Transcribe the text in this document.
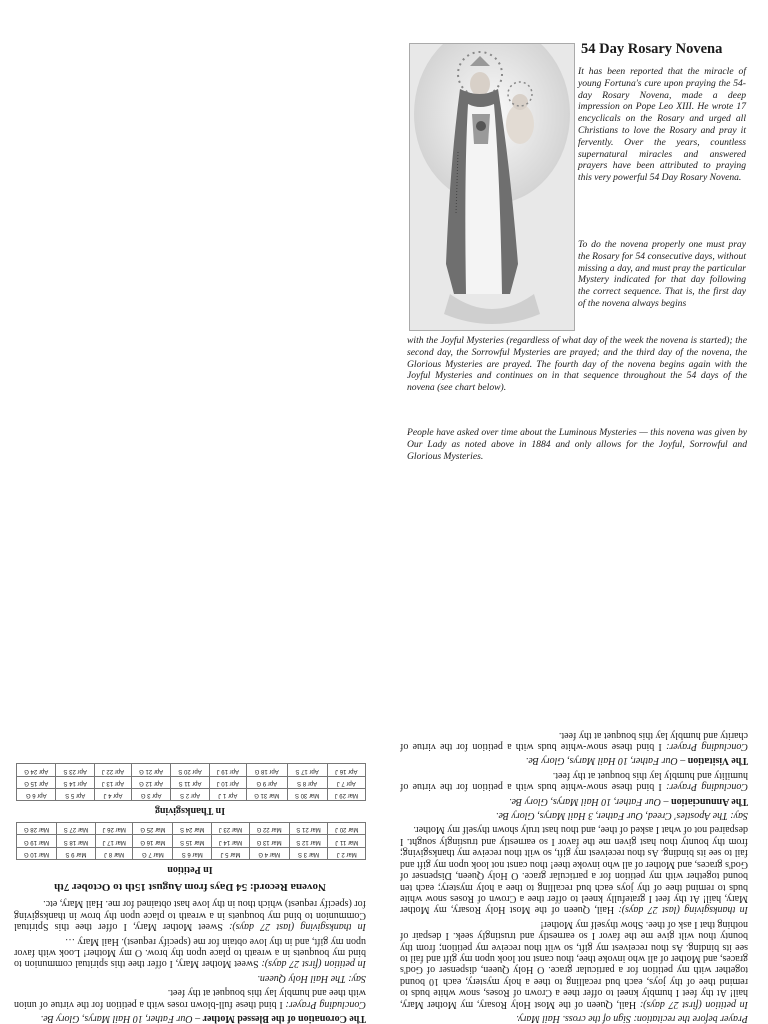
54 Day Rosary Novena

It has been reported that the miracle of young Fortuna's cure upon praying the 54-day Rosary Novena, made a deep impression on Pope Leo XIII. He wrote 17 encyclicals on the Rosary and urged all Christians to love the Rosary and pray it fervently. Over the years, countless supernatural miracles and answered prayers have been attributed to praying this very powerful 54 Day Rosary Novena.

To do the novena properly one must pray the Rosary for 54 consecutive days, without missing a day, and must pray the particular Mystery indicated for that day following the correct sequence. That is, the first day of the novena always begins

with the Joyful Mysteries (regardless of what day of the week the novena is started); the second day, the Sorrowful Mysteries are prayed; and the third day of the novena, the Glorious Mysteries are prayed. The fourth day of the novena begins again with the Joyful Mysteries and continues on in that sequence throughout the 54 days of the novena (see chart below).

People have asked over time about the Luminous Mysteries — this novena was given by Our Lady as noted above in 1884 and only allows for the Joyful, Sorrowful and Glorious Mysteries.

The Coronation of the Blessed Mother – Our Father, 10 Hail Marys, Glory Be.

Concluding Prayer: I bind these full-blown roses with a petition for the virtue of union with thee and humbly lay this bouquet at thy feet.

Say: The Hail Holy Queen.

In petition (first 27 days): Sweet Mother Mary, I offer thee this spiritual communion to bind my bouquets in a wreath to place upon thy brow. O my Mother! Look with favor upon my gift, and in thy love obtain for me (specify request). Hail Mary …

In thanksgiving (last 27 days): Sweet Mother Mary, I offer thee this Spiritual Communion to bind my bouquets in a wreath to place upon thy brow in thanksgiving for (specify request) which thou in thy love hast obtained for me. Hail Mary, etc.

Novena Record: 54 Days from August 15th to October 7th
In Petition
Mar 2 J	Mar 3 S	Mar 4 G	Mar 5 J	Mar 6 S	Mar 7 G	Mar 8 J	Mar 9 S	Mar 10 G
Mar 11 J	Mar 12 S	Mar 13 G	Mar 14 J	Mar 15 S	Mar 16 G	Mar 17 J	Mar 18 S	Mar 19 G
Mar 20 J	Mar 21 S	Mar 22 G	Mar 23 J	Mar 24 S	Mar 25 G	Mar 26 J	Mar 27 S	Mar 28 G
In Thanksgiving
Mar 29 J	Mar 30 S	Mar 31 G	Apr 1 J	Apr 2 S	Apr 3 G	Apr 4 J	Apr 5 S	Apr 6 G
Apr 7 J	Apr 8 S	Apr 9 G	Apr 10 J	Apr 11 S	Apr 12 G	Apr 13 J	Apr 14 S	Apr 15 G
Apr 16 J	Apr 17 S	Apr 18 G	Apr 19 J	Apr 20 S	Apr 21 G	Apr 22 J	Apr 23 S	Apr 24 G

Prayer before the recitation: Sign of the cross. Hail Mary.

In petition (first 27 days): Hail, Queen of the Most Holy Rosary, my Mother Mary, hail! At thy feet I humbly kneel to offer thee a Crown of Roses, snow white buds to remind thee of thy joys, each bud recalling to thee a holy mystery, each 10 bound together with my petition for a particular grace. O Holy Queen, dispenser of God's graces, and Mother of all who invoke thee, thou canst not look upon my gift and fail to see its binding. As thou receivest my gift, so wilt thou receive my petition; from thy bounty thou wilt give me the favor I so earnestly and trustingly seek. I despair of nothing that I ask of thee. Show thyself my Mother!

In thanksgiving (last 27 days): Hail, Queen of the Most Holy Rosary, my Mother Mary, hail! At thy feet I gratefully kneel to offer thee a Crown of Roses snow white buds to remind thee of thy joys each bud recalling to thee a holy mystery; each ten bound together with my petition for a particular grace. O Holy Queen, Dispenser of God's graces, and Mother of all who invoke thee! thou canst not look upon my gift and fail to see its binding. As thou receivest my gift, so wilt thou receive my thanksgiving; from thy bounty thou hast given me the favor I so earnestly and trustingly sought. I despaired not of what I asked of thee, and thou hast truly shown thyself my Mother.

Say: The Apostles' Creed, Our Father, 3 Hail Marys, Glory Be.

The Annunciation – Our Father, 10 Hail Marys, Glory Be.

Concluding Prayer: I bind these snow-white buds with a petition for the virtue of humility and humbly lay this bouquet at thy feet.

The Visitation – Our Father, 10 Hail Marys, Glory Be.

Concluding Prayer: I bind these snow-white buds with a petition for the virtue of charity and humbly lay this bouquet at thy feet.
